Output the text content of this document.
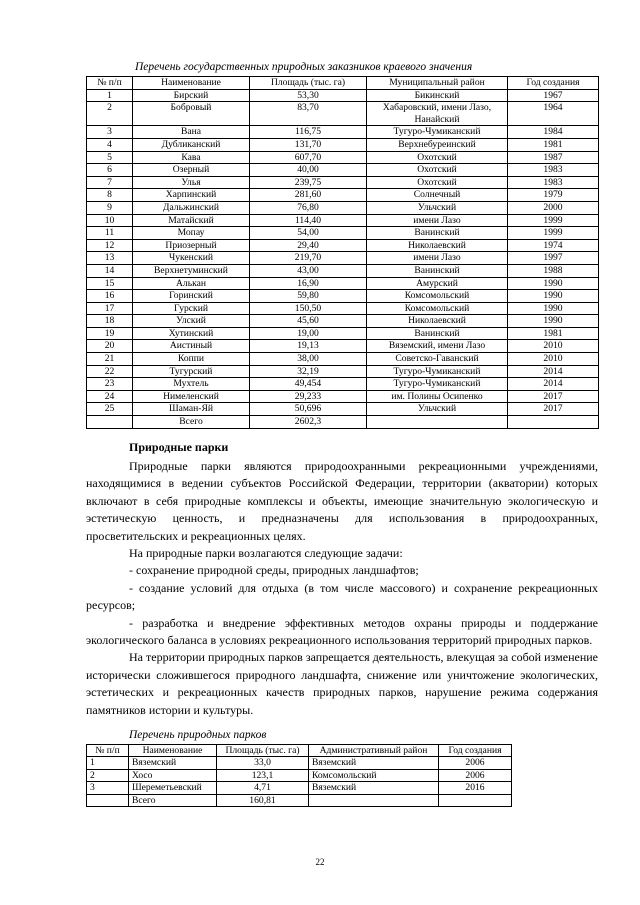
Перечень государственных природных заказников краевого значения
№ п/п	Наименование	Площадь (тыс. га)	Муниципальный район	Год создания
1	Бирский	53,30	Бикинский	1967
2	Бобровый	83,70	Хабаровский, имени Лазо, Нанайский	1964
3	Вана	116,75	Тугуро-Чумиканский	1984
4	Дубликанский	131,70	Верхнебуреинский	1981
5	Кава	607,70	Охотский	1987
6	Озерный	40,00	Охотский	1983
7	Улья	239,75	Охотский	1983
8	Харпинский	281,60	Солнечный	1979
9	Дальжинский	76,80	Ульчский	2000
10	Матайский	114,40	имени Лазо	1999
11	Мопау	54,00	Ванинский	1999
12	Приозерный	29,40	Николаевский	1974
13	Чукенский	219,70	имени Лазо	1997
14	Верхнетуминский	43,00	Ванинский	1988
15	Алькан	16,90	Амурский	1990
16	Горинский	59,80	Комсомольский	1990
17	Гурский	150,50	Комсомольский	1990
18	Улский	45,60	Николаевский	1990
19	Хутинский	19,00	Ванинский	1981
20	Аистиный	19,13	Вяземский, имени Лазо	2010
21	Коппи	38,00	Советско-Гаванский	2010
22	Тугурский	32,19	Тугуро-Чумиканский	2014
23	Мухтель	49,454	Тугуро-Чумиканский	2014
24	Нимеленский	29,233	им. Полины Осипенко	2017
25	Шаман-Яй	50,696	Ульчский	2017
	Всего	2602,3		
Природные парки

Природные парки являются природоохранными рекреационными учреждениями, находящимися в ведении субъектов Российской Федерации, территории (акватории) которых включают в себя природные комплексы и объекты, имеющие значительную экологическую и эстетическую ценность, и предназначены для использования в природоохранных, просветительских и рекреационных целях.

На природные парки возлагаются следующие задачи:

- сохранение природной среды, природных ландшафтов;

- создание условий для отдыха (в том числе массового) и сохранение рекреационных ресурсов;

- разработка и внедрение эффективных методов охраны природы и поддержание экологического баланса в условиях рекреационного использования территорий природных парков.

На территории природных парков запрещается деятельность, влекущая за собой изменение исторически сложившегося природного ландшафта, снижение или уничтожение экологических, эстетических и рекреационных качеств природных парков, нарушение режима содержания памятников истории и культуры.

Перечень природных парков
№ п/п	Наименование	Площадь (тыс. га)	Административный район	Год создания
1	Вяземский	33,0	Вяземский	2006
2	Хосо	123,1	Комсомольский	2006
3	Шереметьевский	4,71	Вяземский	2016
	Всего	160,81		
22
